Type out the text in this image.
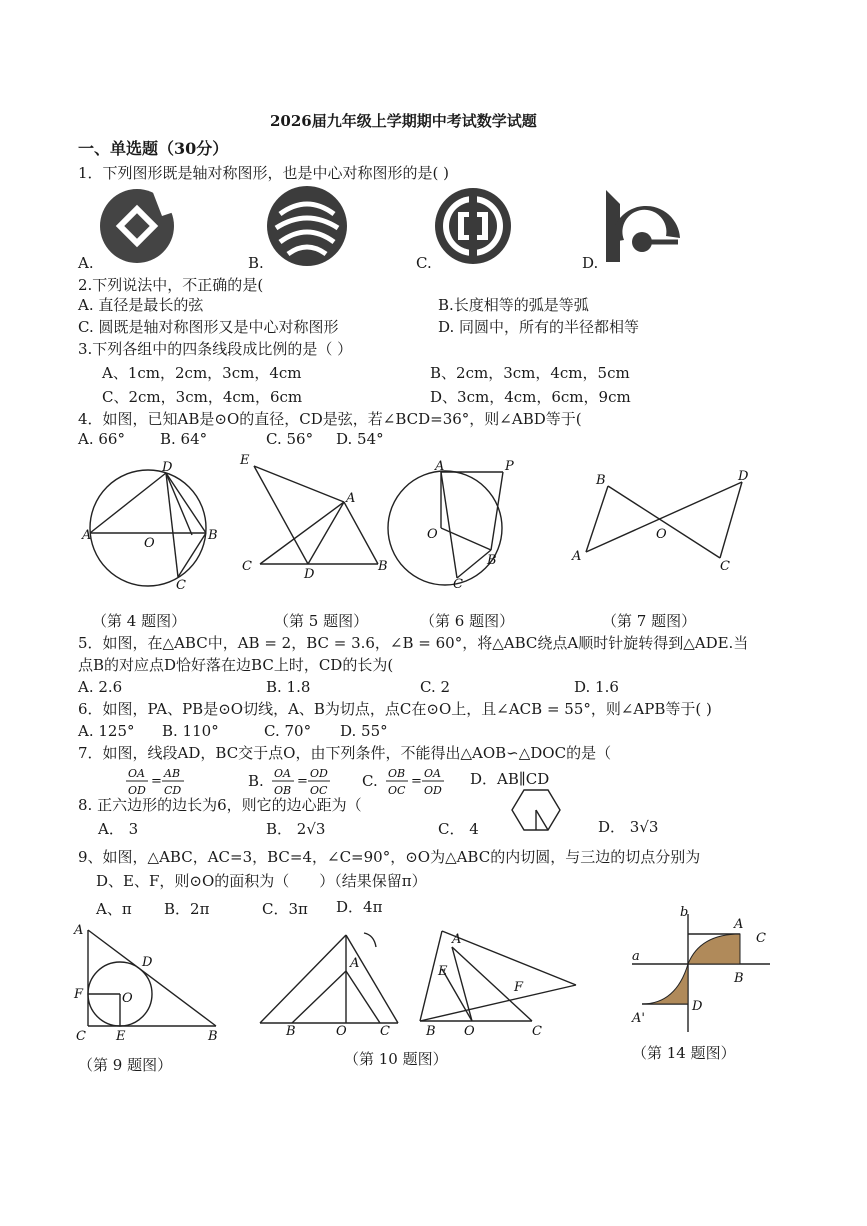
2026届九年级上学期期中考试数学试题
一、单选题（30分）
1．下列图形既是轴对称图形，也是中心对称图形的是( )
A.	B.	C.	D.
2.下列说法中，不正确的是(
A. 直径是最长的弦	B.长度相等的弧是等弧
C. 圆既是轴对称图形又是中心对称图形	D. 同圆中，所有的半径都相等
3.下列各组中的四条线段成比例的是（ ）
A、1cm，2cm，3cm，4cm	B、2cm，3cm，4cm，5cm
C、2cm，3cm，4cm，6cm	D、3cm，4cm，6cm，9cm
4．如图，已知AB是⊙O的直径，CD是弦，若∠BCD=36°，则∠ABD等于(
A. 66° B. 64°	C. 56° D. 54°
A	B
D
C
O
E
A
C
D
B
A	P
O
B
C
B	D
A
O
C
（第 4 题图）	（第 5 题图）	（第 6 题图）	（第 7 题图）
5．如图，在△ABC中，AB = 2，BC = 3.6，∠B = 60°，将△ABC绕点A顺时针旋转得到△ADE.当
点B的对应点D恰好落在边BC上时，CD的长为(
A. 2.6	B. 1.8	C. 2	D. 1.6
6．如图，PA、PB是⊙O切线，A、B为切点，点C在⊙O上，且∠ACB = 55°，则∠APB等于( )
A. 125° B. 110°	C. 70° D. 55°
7．如图，线段AD，BC交于点O，由下列条件，不能得出△AOB∽△DOC的是（
OA
OD
=
AB
CD
B. OA
OB
=
OD
OC
C. OB
OC
=
OA
OD
D．AB∥CD
8. 正六边形的边长为6，则它的边心距为（
A． 3	B． 2√3	C． 4	D． 3√3
9、如图，△ABC，AC=3，BC=4，∠C=90°，⊙O为△ABC的内切圆，与三边的切点分别为
D、E、F，则⊙O的面积为（　　）（结果保留π）
A、π B．2π	C．3π D．4π
A
D
F	O
C E	B
A
B	O	C
A
E
F
B O	C
b
A
C
a
B
D
A'
（第 9 题图）	（第 10 题图）	（第 14 题图）
